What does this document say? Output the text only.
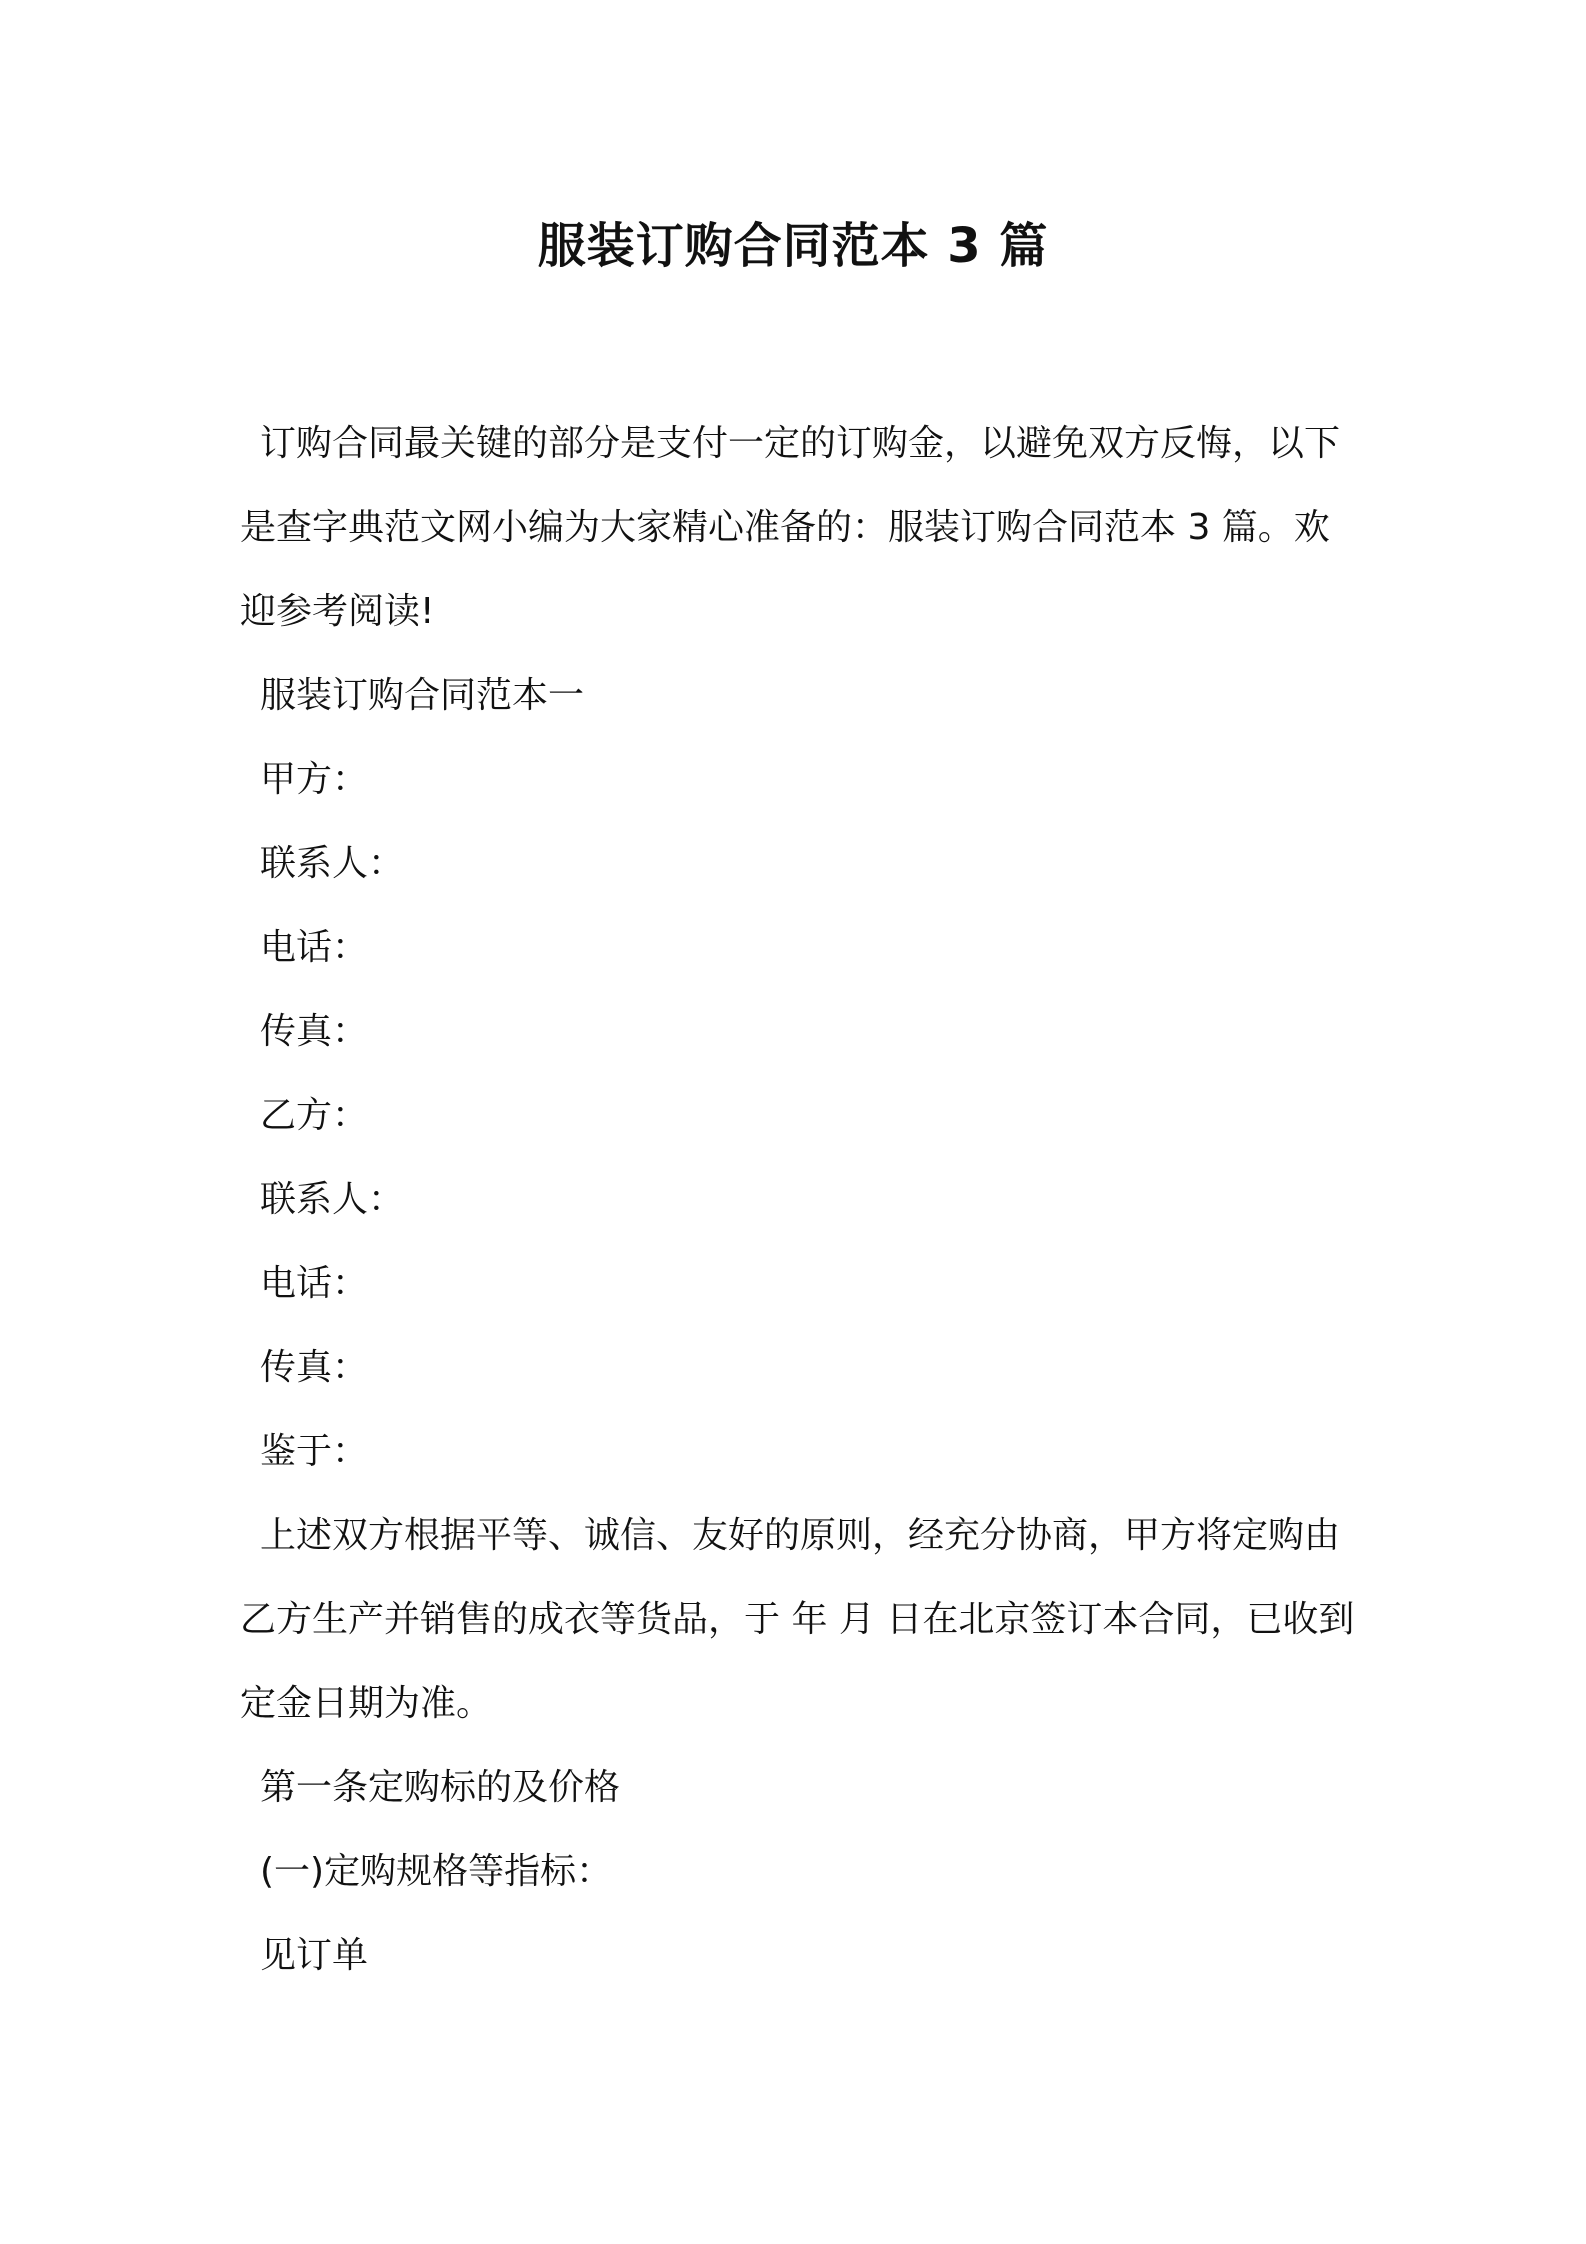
服装订购合同范本 3 篇

订购合同最关键的部分是支付一定的订购金，以避免双方反悔，以下是查字典范文网小编为大家精心准备的：服装订购合同范本 3 篇。欢迎参考阅读!

服装订购合同范本一

甲方：

联系人：

电话：

传真：

乙方：

联系人：

电话：

传真：

鉴于：

上述双方根据平等、诚信、友好的原则，经充分协商，甲方将定购由乙方生产并销售的成衣等货品，于 年 月 日在北京签订本合同，已收到定金日期为准。

第一条定购标的及价格

(一)定购规格等指标：

见订单
